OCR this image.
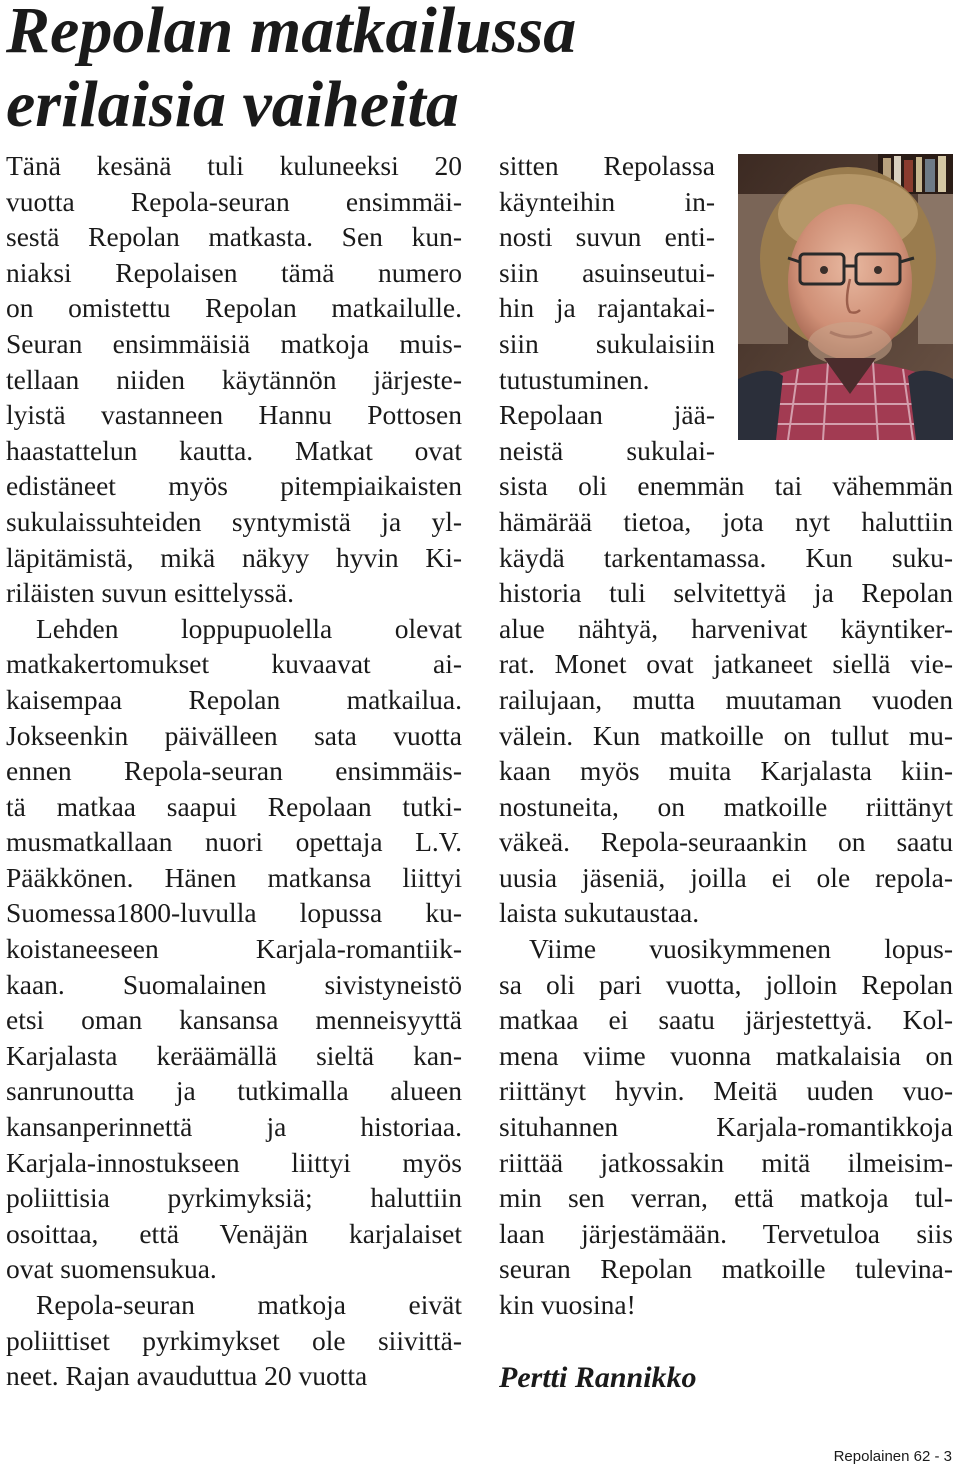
Repolan matkailussa
erilaisia vaiheita
Tänä kesänä tuli kuluneeksi 20
vuotta Repola-seuran ensimmäi-
sestä Repolan matkasta. Sen kun-
niaksi Repolaisen tämä numero
on omistettu Repolan matkailulle.
Seuran ensimmäisiä matkoja muis-
tellaan niiden käytännön järjeste-
lyistä vastanneen Hannu Pottosen
haastattelun kautta. Matkat ovat
edistäneet myös pitempiaikaisten
sukulaissuhteiden syntymistä ja yl-
läpitämistä, mikä näkyy hyvin Ki-
riläisten suvun esittelyssä.
Lehden loppupuolella olevat
matkakertomukset kuvaavat ai-
kaisempaa Repolan matkailua.
Jokseenkin päivälleen sata vuotta
ennen Repola-seuran ensimmäis-
tä matkaa saapui Repolaan tutki-
musmatkallaan nuori opettaja L.V.
Pääkkönen. Hänen matkansa liittyi
Suomessa1800-luvulla lopussa ku-
koistaneeseen Karjala-romantiik-
kaan. Suomalainen sivistyneistö
etsi oman kansansa menneisyyttä
Karjalasta keräämällä sieltä kan-
sanrunoutta ja tutkimalla alueen
kansanperinnettä ja historiaa.
Karjala-innostukseen liittyi myös
poliittisia pyrkimyksiä; haluttiin
osoittaa, että Venäjän karjalaiset
ovat suomensukua.
Repola-seuran matkoja eivät
poliittiset pyrkimykset ole siivittä-
neet. Rajan avauduttua 20 vuotta
sitten Repolassa
käynteihin in-
nosti suvun enti-
siin asuinseutui-
hin ja rajantakai-
siin sukulaisiin
tutustuminen.
Repolaan jää-
neistä sukulai-
sista oli enemmän tai vähemmän
hämärää tietoa, jota nyt haluttiin
käydä tarkentamassa. Kun suku-
historia tuli selvitettyä ja Repolan
alue nähtyä, harvenivat käyntiker-
rat. Monet ovat jatkaneet siellä vie-
railujaan, mutta muutaman vuoden
välein. Kun matkoille on tullut mu-
kaan myös muita Karjalasta kiin-
nostuneita, on matkoille riittänyt
väkeä. Repola-seuraankin on saatu
uusia jäseniä, joilla ei ole repola-
laista sukutaustaa.
Viime vuosikymmenen lopus-
sa oli pari vuotta, jolloin Repolan
matkaa ei saatu järjestettyä. Kol-
mena viime vuonna matkalaisia on
riittänyt hyvin. Meitä uuden vuo-
situhannen Karjala-romantikkoja
riittää jatkossakin mitä ilmeisim-
min sen verran, että matkoja tul-
laan järjestämään. Tervetuloa siis
seuran Repolan matkoille tulevina-
kin vuosina!
Pertti Rannikko
Repolainen 62 - 3
